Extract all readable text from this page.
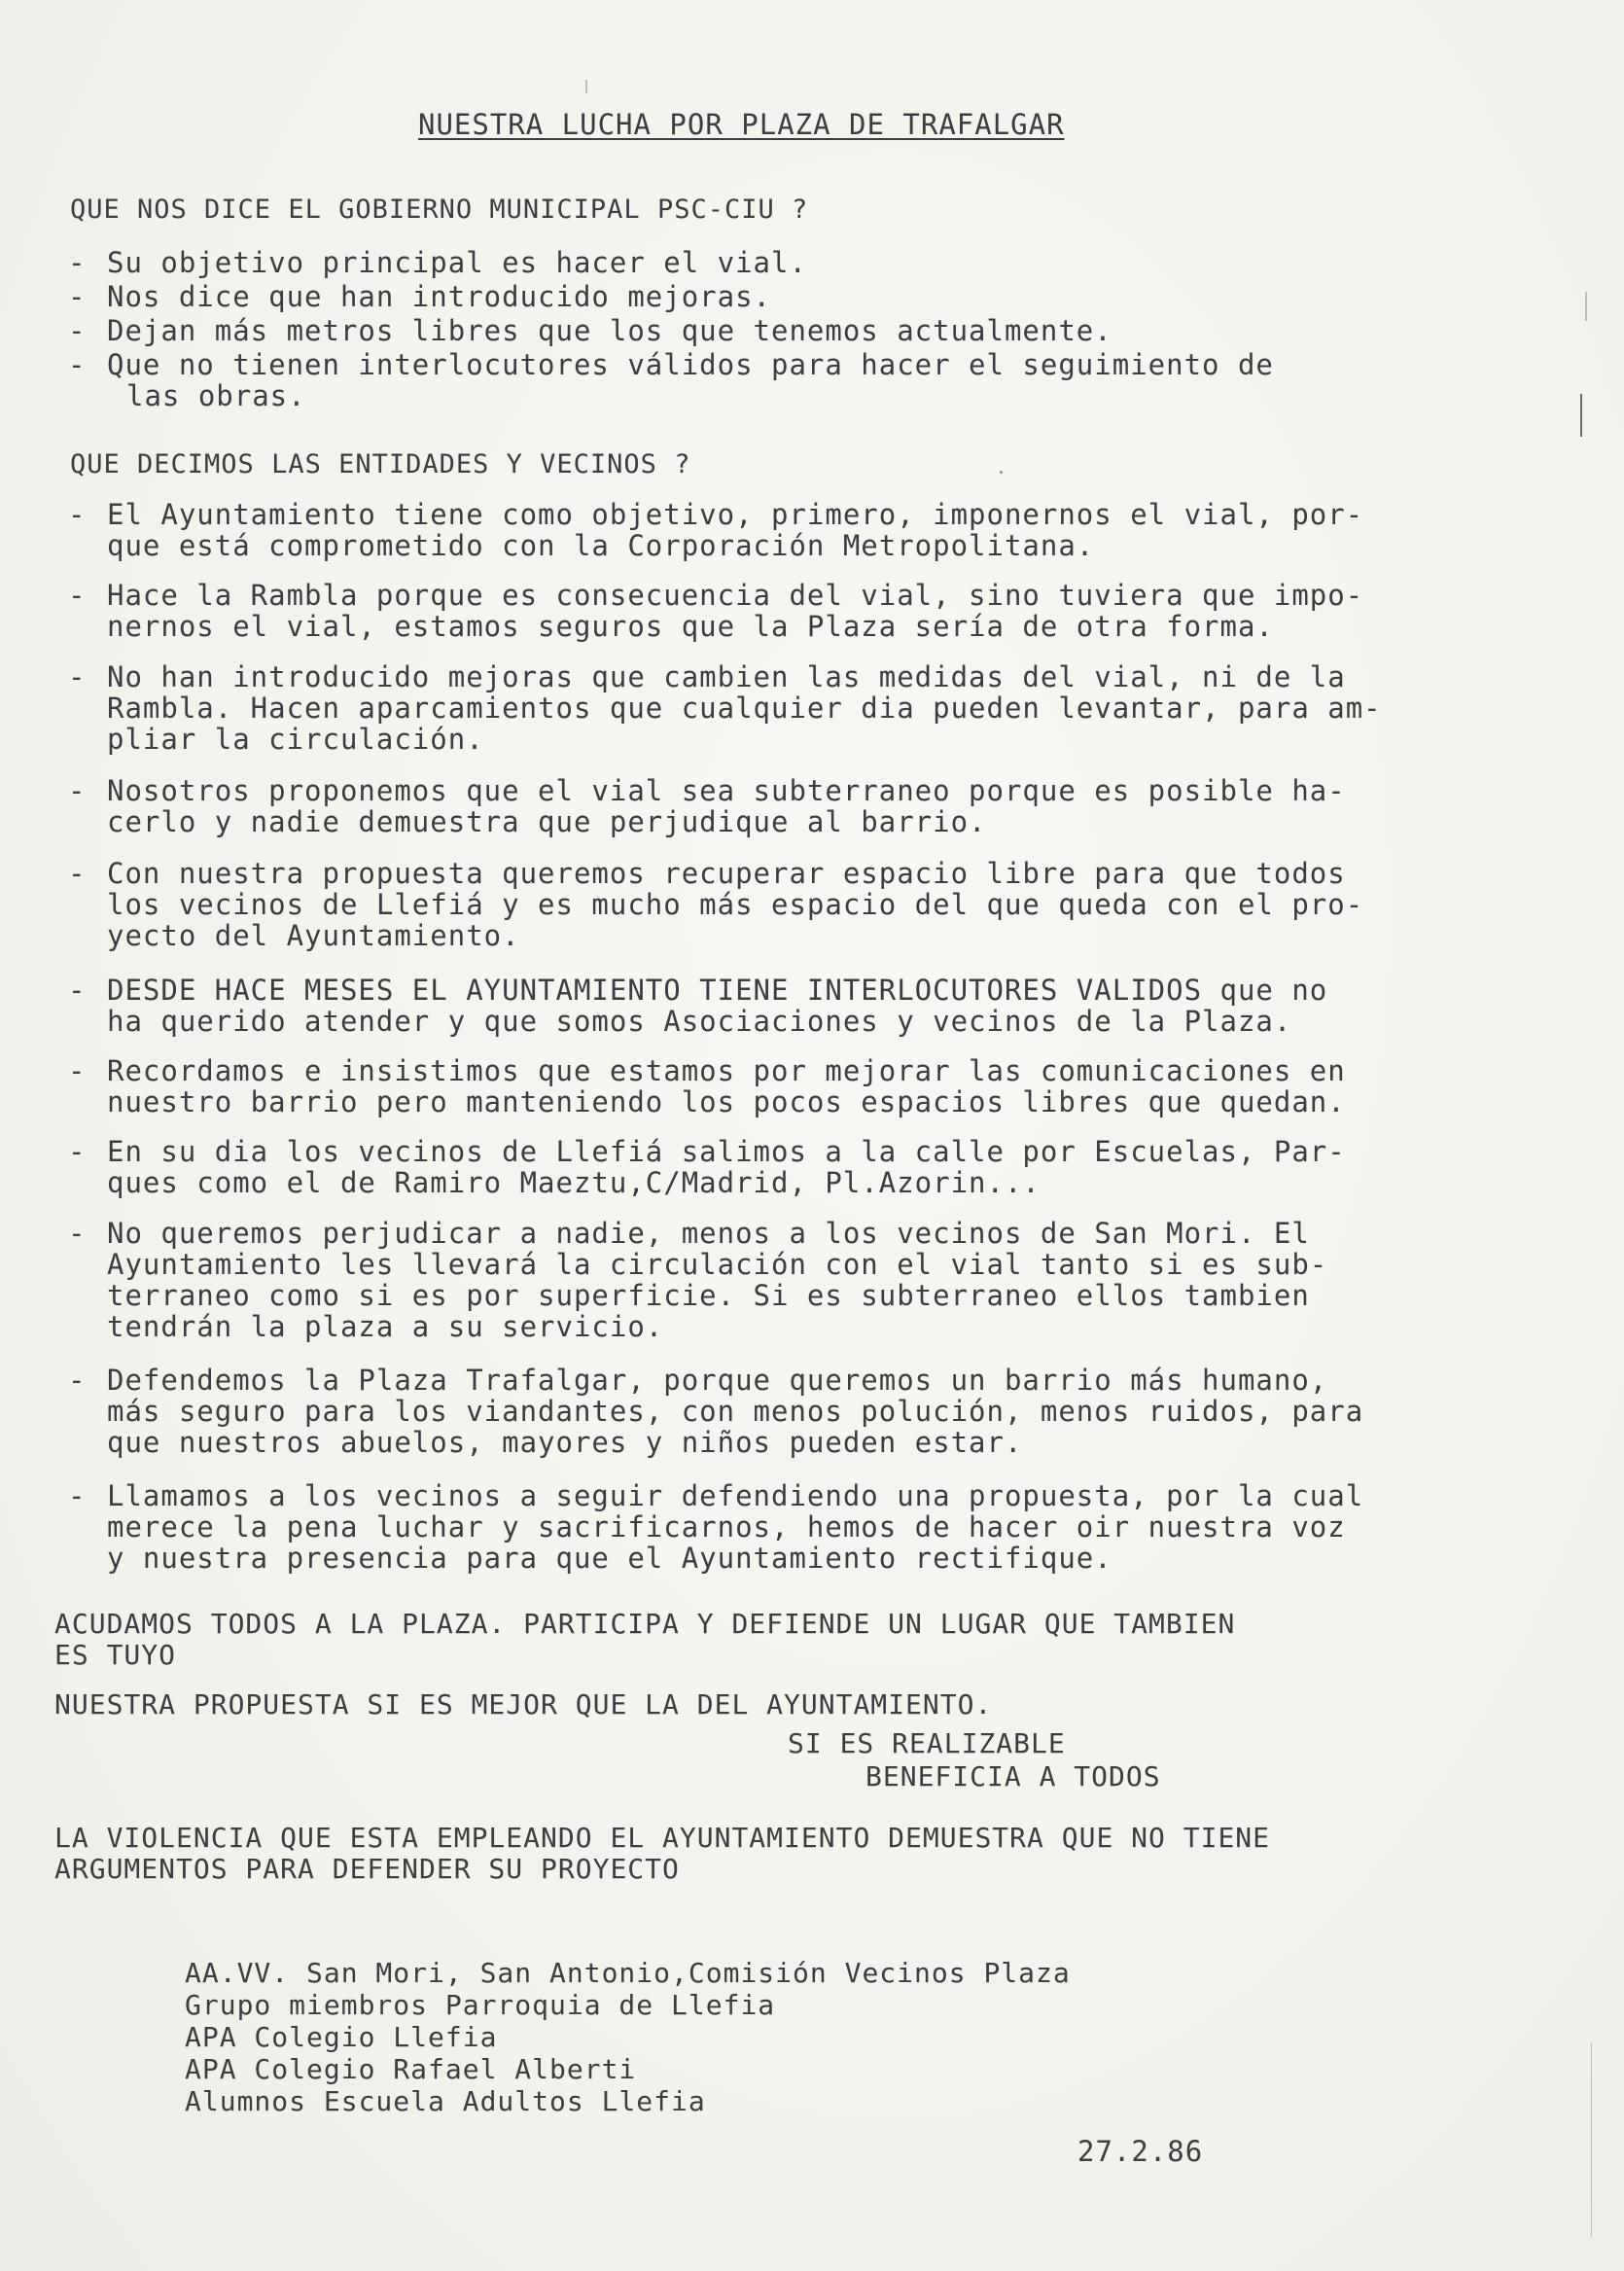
NUESTRA LUCHA POR PLAZA DE TRAFALGAR
QUE NOS DICE EL GOBIERNO MUNICIPAL PSC-CIU ?

-

Su objetivo principal es hacer el vial.

-

Nos dice que han introducido mejoras.

-

Dejan más metros libres que los que tenemos actualmente.

-

Que no tienen interlocutores válidos para hacer el seguimiento de

las obras.

QUE DECIMOS LAS ENTIDADES Y VECINOS ?

-

El Ayuntamiento tiene como objetivo, primero, imponernos el vial, por-

que está comprometido con la Corporación Metropolitana.

-

Hace la Rambla porque es consecuencia del vial, sino tuviera que impo-

nernos el vial, estamos seguros que la Plaza sería de otra forma.

-

No han introducido mejoras que cambien las medidas del vial, ni de la

Rambla. Hacen aparcamientos que cualquier dia pueden levantar, para am-

pliar la circulación.

-

Nosotros proponemos que el vial sea subterraneo porque es posible ha-

cerlo y nadie demuestra que perjudique al barrio.

-

Con nuestra propuesta queremos recuperar espacio libre para que todos

los vecinos de Llefiá y es mucho más espacio del que queda con el pro-

yecto del Ayuntamiento.

-

DESDE HACE MESES EL AYUNTAMIENTO TIENE INTERLOCUTORES VALIDOS que no

ha querido atender y que somos Asociaciones y vecinos de la Plaza.

-

Recordamos e insistimos que estamos por mejorar las comunicaciones en

nuestro barrio pero manteniendo los pocos espacios libres que quedan.

-

En su dia los vecinos de Llefiá salimos a la calle por Escuelas, Par-

ques como el de Ramiro Maeztu,C/Madrid, Pl.Azorin...

-

No queremos perjudicar a nadie, menos a los vecinos de San Mori. El

Ayuntamiento les llevará la circulación con el vial tanto si es sub-

terraneo como si es por superficie. Si es subterraneo ellos tambien

tendrán la plaza a su servicio.

-

Defendemos la Plaza Trafalgar, porque queremos un barrio más humano,

más seguro para los viandantes, con menos polución, menos ruidos, para

que nuestros abuelos, mayores y niños pueden estar.

-

Llamamos a los vecinos a seguir defendiendo una propuesta, por la cual

merece la pena luchar y sacrificarnos, hemos de hacer oir nuestra voz

y nuestra presencia para que el Ayuntamiento rectifique.

ACUDAMOS TODOS A LA PLAZA. PARTICIPA Y DEFIENDE UN LUGAR QUE TAMBIEN
ES TUYO
NUESTRA PROPUESTA SI ES MEJOR QUE LA DEL AYUNTAMIENTO.
SI ES REALIZABLE
BENEFICIA A TODOS
LA VIOLENCIA QUE ESTA EMPLEANDO EL AYUNTAMIENTO DEMUESTRA QUE NO TIENE
ARGUMENTOS PARA DEFENDER SU PROYECTO
AA.VV. San Mori, San Antonio,Comisión Vecinos Plaza
Grupo miembros Parroquia de Llefia
APA Colegio Llefia
APA Colegio Rafael Alberti
Alumnos Escuela Adultos Llefia
27.2.86
